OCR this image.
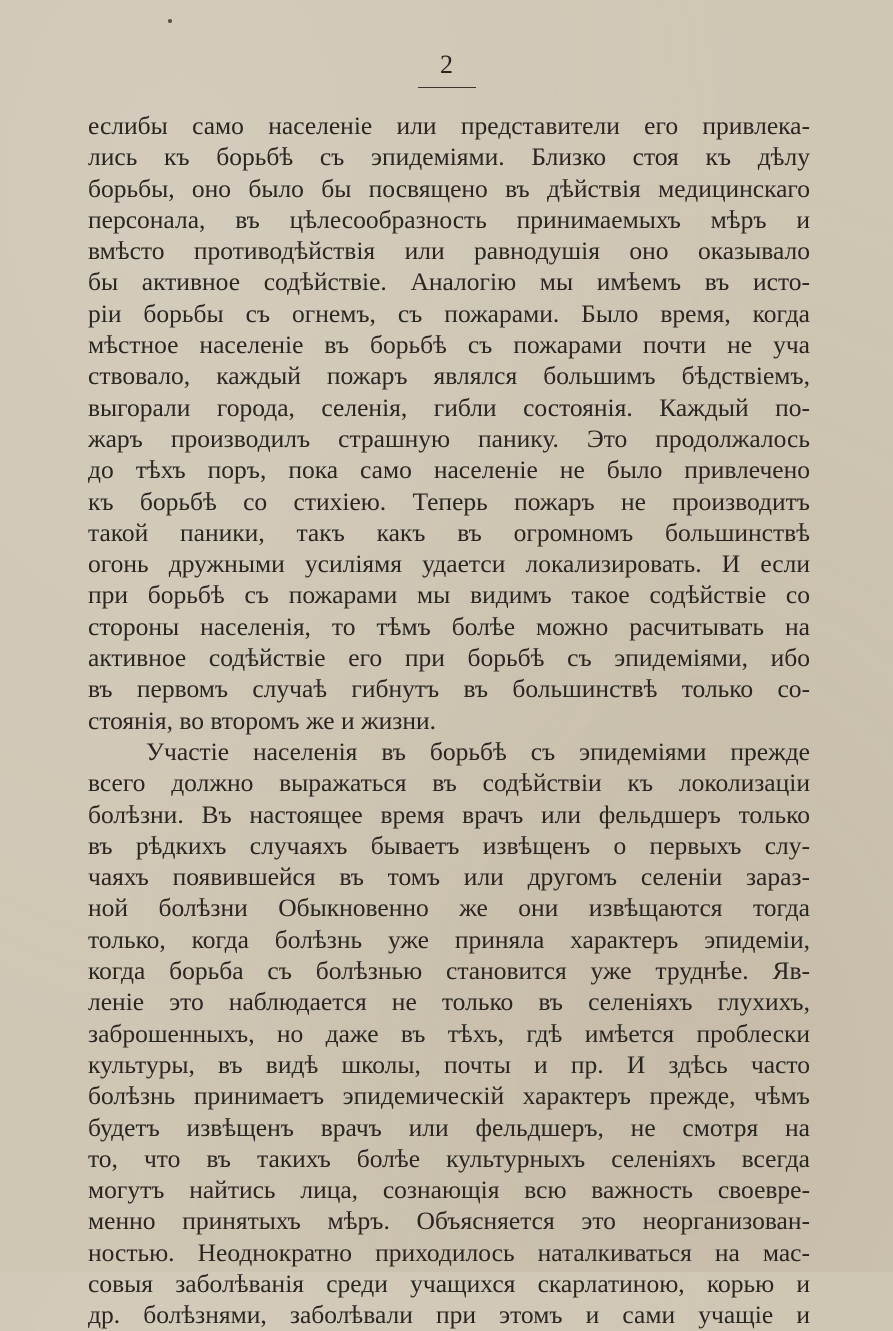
2
еслибы само населеніе или представители его привлека-
лись къ борьбѣ съ эпидеміями. Близко стоя къ дѣлу
борьбы, оно было бы посвящено въ дѣйствія медицинскаго
персонала, въ цѣлесообразность принимаемыхъ мѣръ и
вмѣсто противодѣйствія или равнодушія оно оказывало
бы активное содѣйствіе. Аналогію мы имѣемъ въ исто-
ріи борьбы съ огнемъ, съ пожарами. Было время, когда
мѣстное населеніе въ борьбѣ съ пожарами почти не уча
ствовало, каждый пожаръ являлся большимъ бѣдствіемъ,
выгорали города, селенія, гибли состоянія. Каждый по-
жаръ производилъ страшную панику. Это продолжалось
до тѣхъ поръ, пока само населеніе не было привлечено
къ борьбѣ со стихіею. Теперь пожаръ не производитъ
такой паники, такъ какъ въ огромномъ большинствѣ
огонь дружными усиліямя удаетси локализировать. И если
при борьбѣ съ пожарами мы видимъ такое содѣйствіе со
стороны населенія, то тѣмъ болѣе можно расчитывать на
активное содѣйствіе его при борьбѣ съ эпидеміями, ибо
въ первомъ случаѣ гибнутъ въ большинствѣ только со-
стоянія, во второмъ же и жизни.
Участіе населенія въ борьбѣ съ эпидеміями прежде
всего должно выражаться въ содѣйствіи къ локолизаціи
болѣзни. Въ настоящее время врачъ или фельдшеръ только
въ рѣдкихъ случаяхъ бываетъ извѣщенъ о первыхъ слу-
чаяхъ появившейся въ томъ или другомъ селеніи зараз-
ной болѣзни Обыкновенно же они извѣщаются тогда
только, когда болѣзнь уже приняла характеръ эпидеміи,
когда борьба съ болѣзнью становится уже труднѣе. Яв-
леніе это наблюдается не только въ селеніяхъ глухихъ,
заброшенныхъ, но даже въ тѣхъ, гдѣ имѣется проблески
культуры, въ видѣ школы, почты и пр. И здѣсь часто
болѣзнь принимаетъ эпидемическій характеръ прежде, чѣмъ
будетъ извѣщенъ врачъ или фельдшеръ, не смотря на
то, что въ такихъ болѣе культурныхъ селеніяхъ всегда
могутъ найтись лица, сознающія всю важность своевре-
менно принятыхъ мѣръ. Объясняется это неорганизован-
ностью. Неоднократно приходилось наталкиваться на мас-
совыя заболѣванія среди учащихся скарлатиною, корью и
др. болѣзнями, заболѣвали при этомъ и сами учащіе и
